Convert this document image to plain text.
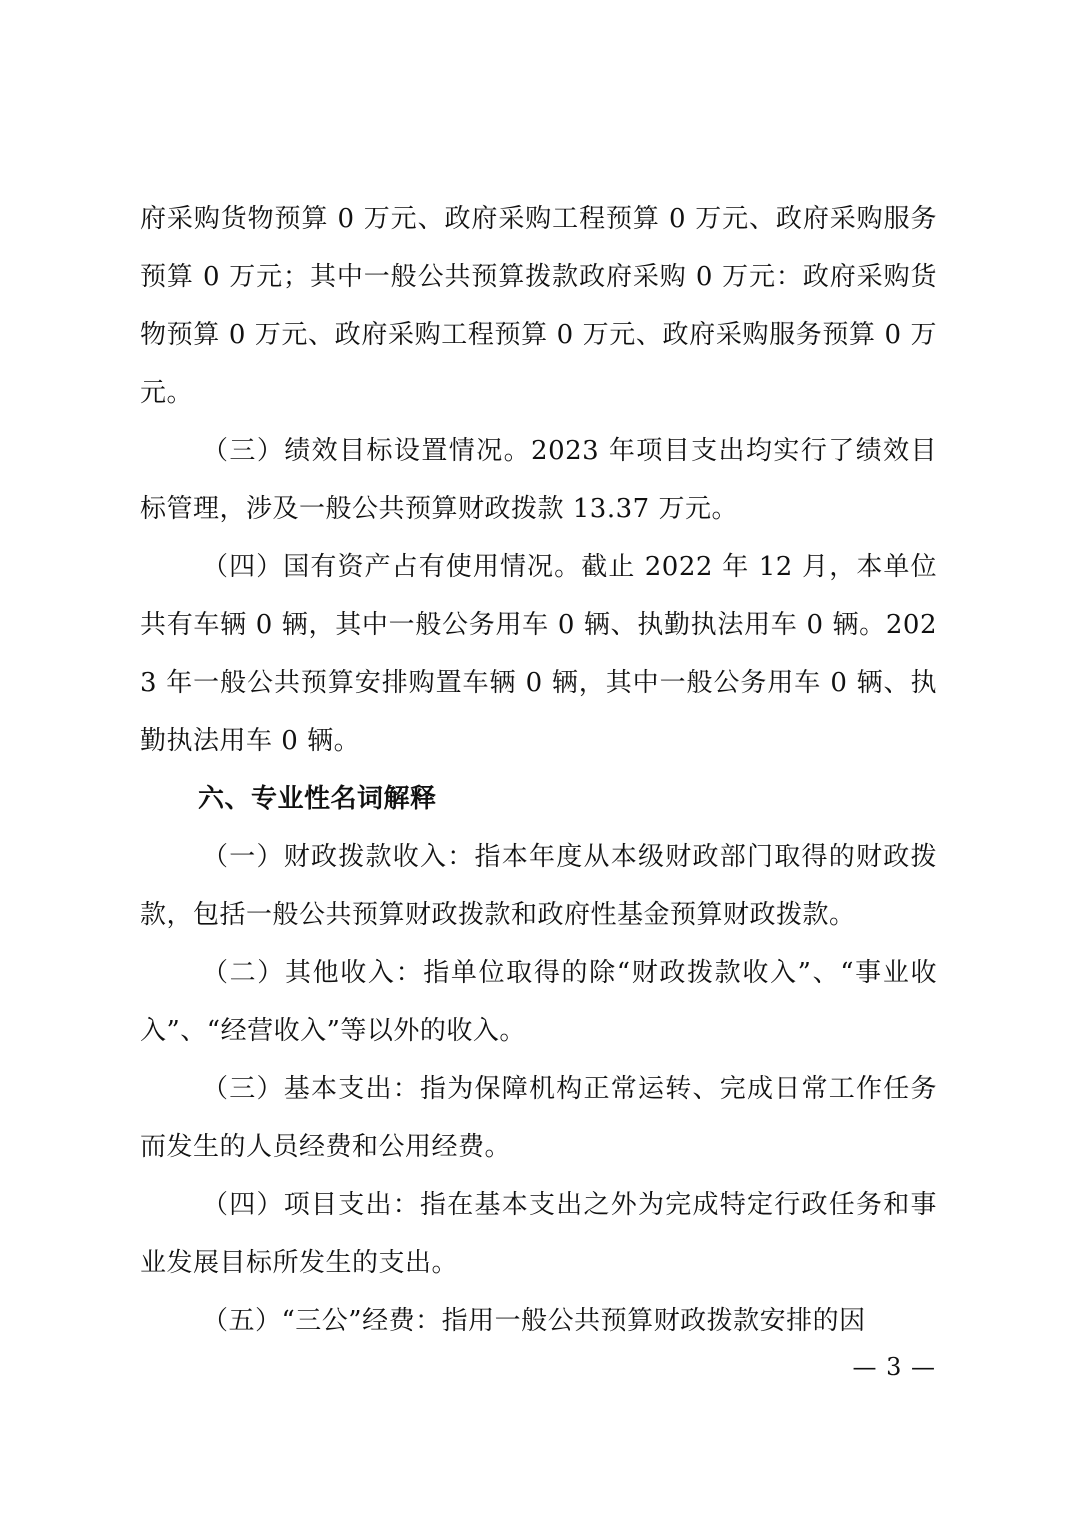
府采购货物预算 0 万元、政府采购工程预算 0 万元、政府采购服务预算 0 万元；其中一般公共预算拨款政府采购 0 万元：政府采购货物预算 0 万元、政府采购工程预算 0 万元、政府采购服务预算 0 万元。

（三）绩效目标设置情况。2023 年项目支出均实行了绩效目标管理，涉及一般公共预算财政拨款 13.37 万元。

（四）国有资产占有使用情况。截止 2022 年 12 月，本单位共有车辆 0 辆，其中一般公务用车 0 辆、执勤执法用车 0 辆。2023 年一般公共预算安排购置车辆 0 辆，其中一般公务用车 0 辆、执勤执法用车 0 辆。

六、专业性名词解释

（一）财政拨款收入：指本年度从本级财政部门取得的财政拨款，包括一般公共预算财政拨款和政府性基金预算财政拨款。

（二）其他收入：指单位取得的除“财政拨款收入”、“事业收入”、“经营收入”等以外的收入。

（三）基本支出：指为保障机构正常运转、完成日常工作任务而发生的人员经费和公用经费。

（四）项目支出：指在基本支出之外为完成特定行政任务和事业发展目标所发生的支出。

（五）“三公”经费：指用一般公共预算财政拨款安排的因

— 3 —
